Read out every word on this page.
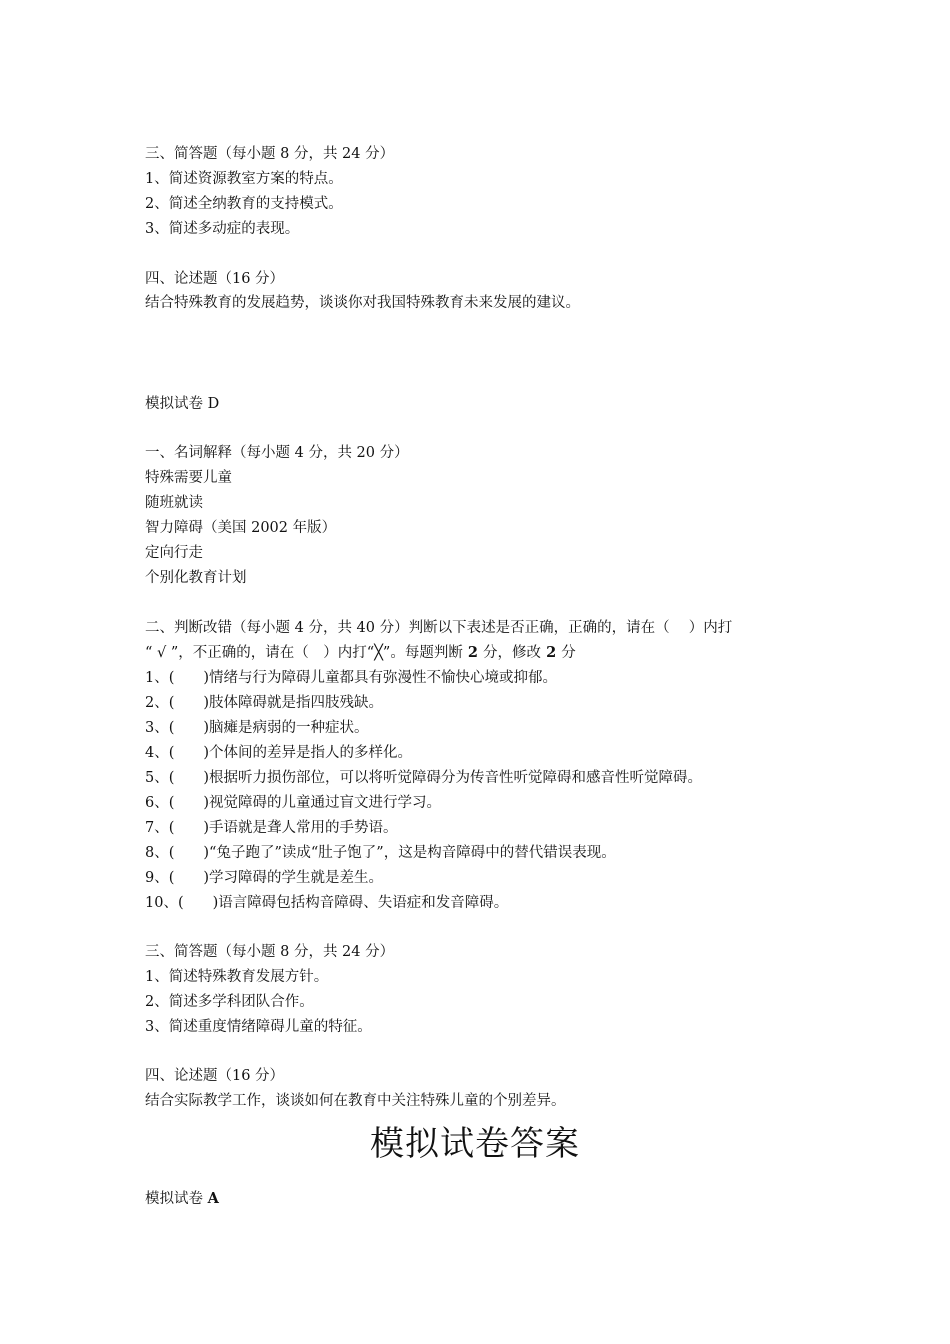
三、简答题（每小题 8 分，共 24 分）
1、简述资源教室方案的特点。
2、简述全纳教育的支持模式。
3、简述多动症的表现。
四、论述题（16 分）
结合特殊教育的发展趋势，谈谈你对我国特殊教育未来发展的建议。
模拟试卷 D
一、名词解释（每小题 4 分，共 20 分）
特殊需要儿童
随班就读
智力障碍（美国 2002 年版）
定向行走
个别化教育计划
二、判断改错（每小题 4 分，共 40 分）判断以下表述是否正确，正确的，请在（　 ）内打
“ √ ”，不正确的，请在（　）内打“╳”。每题判断 2 分，修改 2 分
1、(　　)情绪与行为障碍儿童都具有弥漫性不愉快心境或抑郁。
2、(　　)肢体障碍就是指四肢残缺。
3、(　　)脑瘫是病弱的一种症状。
4、(　　)个体间的差异是指人的多样化。
5、(　　)根据听力损伤部位，可以将听觉障碍分为传音性听觉障碍和感音性听觉障碍。
6、(　　)视觉障碍的儿童通过盲文进行学习。
7、(　　)手语就是聋人常用的手势语。
8、(　　)“兔子跑了”读成“肚子饱了”，这是构音障碍中的替代错误表现。
9、(　　)学习障碍的学生就是差生。
10、(　　)语言障碍包括构音障碍、失语症和发音障碍。
三、简答题（每小题 8 分，共 24 分）
1、简述特殊教育发展方针。
2、简述多学科团队合作。
3、简述重度情绪障碍儿童的特征。
四、论述题（16 分）
结合实际教学工作，谈谈如何在教育中关注特殊儿童的个别差异。
模拟试卷答案
模拟试卷 A
